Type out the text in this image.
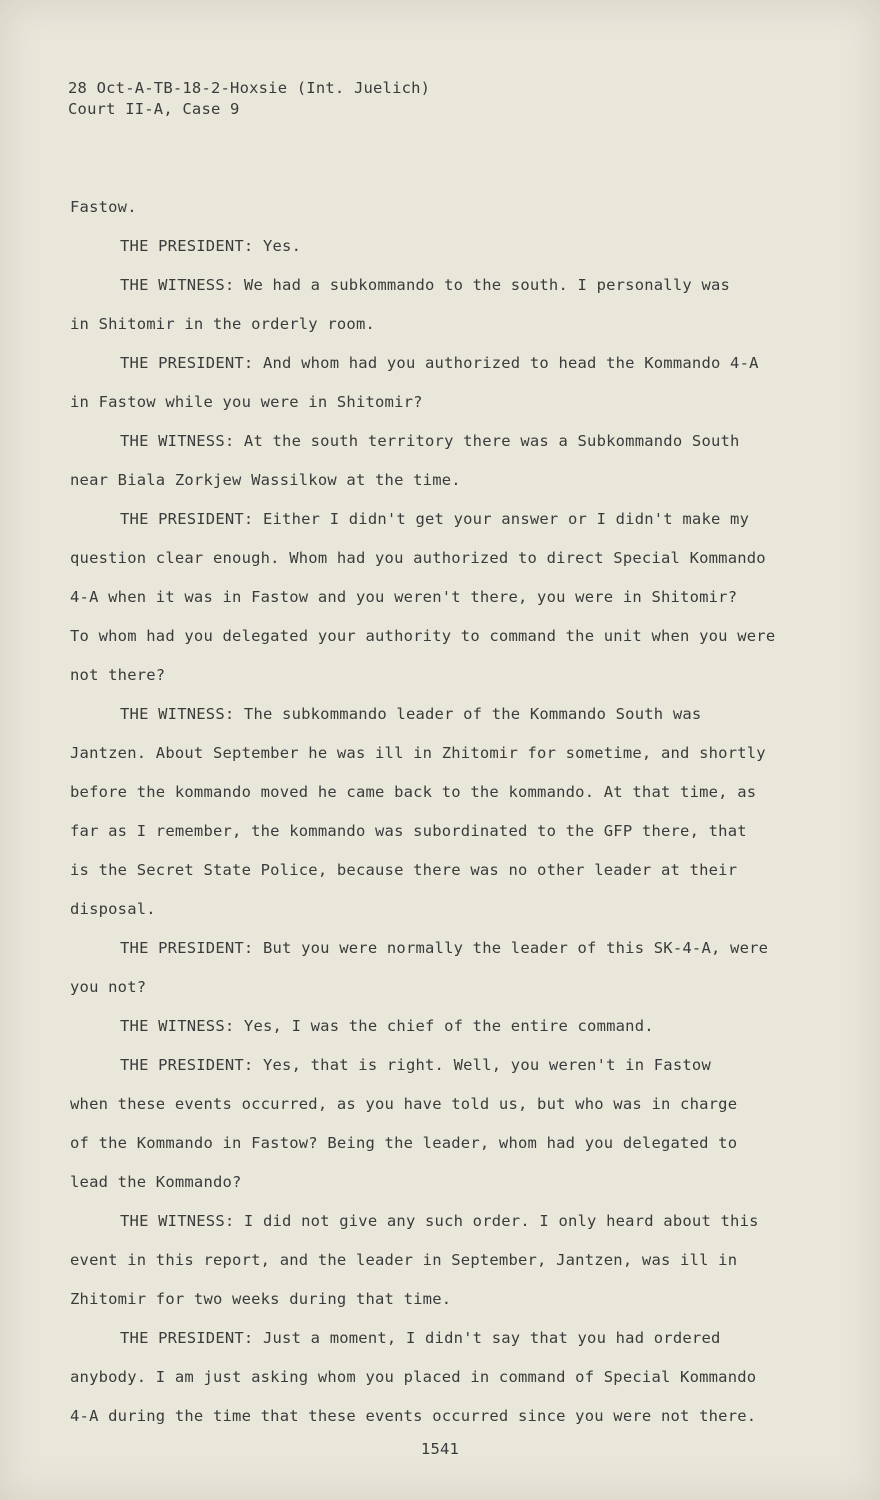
28 Oct-A-TB-18-2-Hoxsie (Int. Juelich)
Court II-A, Case 9
Fastow.
THE PRESIDENT: Yes.
THE WITNESS: We had a subkommando to the south. I personally was
in Shitomir in the orderly room.
THE PRESIDENT: And whom had you authorized to head the Kommando 4-A
in Fastow while you were in Shitomir?
THE WITNESS: At the south territory there was a Subkommando South
near Biala Zorkjew Wassilkow at the time.
THE PRESIDENT: Either I didn't get your answer or I didn't make my
question clear enough. Whom had you authorized to direct Special Kommando
4-A when it was in Fastow and you weren't there, you were in Shitomir?
To whom had you delegated your authority to command the unit when you were
not there?
THE WITNESS: The subkommando leader of the Kommando South was
Jantzen. About September he was ill in Zhitomir for sometime, and shortly
before the kommando moved he came back to the kommando. At that time, as
far as I remember, the kommando was subordinated to the GFP there, that
is the Secret State Police, because there was no other leader at their
disposal.
THE PRESIDENT: But you were normally the leader of this SK-4-A, were
you not?
THE WITNESS: Yes, I was the chief of the entire command.
THE PRESIDENT: Yes, that is right. Well, you weren't in Fastow
when these events occurred, as you have told us, but who was in charge
of the Kommando in Fastow? Being the leader, whom had you delegated to
lead the Kommando?
THE WITNESS: I did not give any such order. I only heard about this
event in this report, and the leader in September, Jantzen, was ill in
Zhitomir for two weeks during that time.
THE PRESIDENT: Just a moment, I didn't say that you had ordered
anybody. I am just asking whom you placed in command of Special Kommando
4-A during the time that these events occurred since you were not there.
1541
